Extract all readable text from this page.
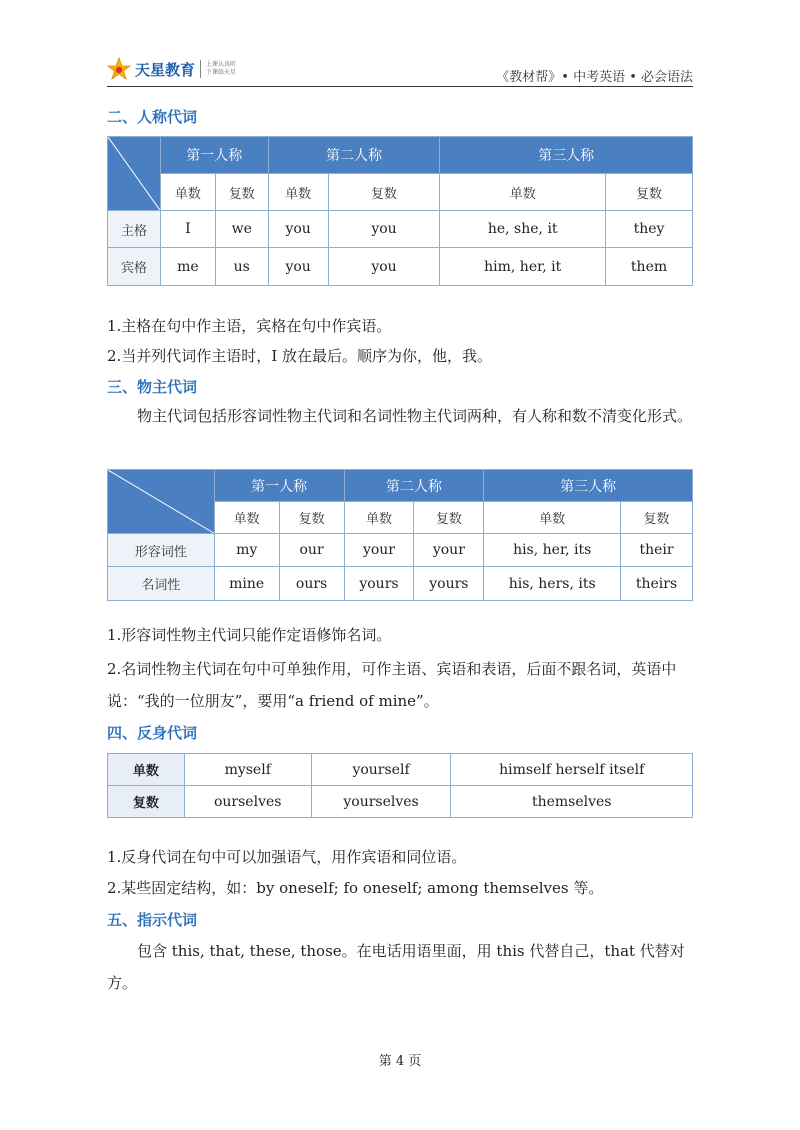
天星教育 上课认真听
下课练天星	《教材帮》• 中考英语 • 必会语法
二、人称代词
	第一人称		第二人称		第三人称	
	单数	复数	单数	复数	单数	复数
主格	I	we	you	you	he, she, it	they
宾格	me	us	you	you	him, her, it	them
1.主格在句中作主语，宾格在句中作宾语。
2.当并列代词作主语时，I 放在最后。顺序为你，他，我。
三、物主代词
物主代词包括形容词性物主代词和名词性物主代词两种，有人称和数不清变化形式。
	第一人称		第二人称		第三人称	
	单数	复数	单数	复数	单数	复数
形容词性	my	our	your	your	his, her, its	their
名词性	mine	ours	yours	yours	his, hers, its	theirs
1.形容词性物主代词只能作定语修饰名词。
2.名词性物主代词在句中可单独作用，可作主语、宾语和表语，后面不跟名词，英语中说：“我的一位朋友”，要用“a friend of mine”。
四、反身代词
单数	myself	yourself	himself herself itself
复数	ourselves	yourselves	themselves
1.反身代词在句中可以加强语气，用作宾语和同位语。
2.某些固定结构，如：by oneself; fo oneself; among themselves 等。
五、指示代词
包含 this, that, these, those。在电话用语里面，用 this 代替自己，that 代替对方。
第 4 页
